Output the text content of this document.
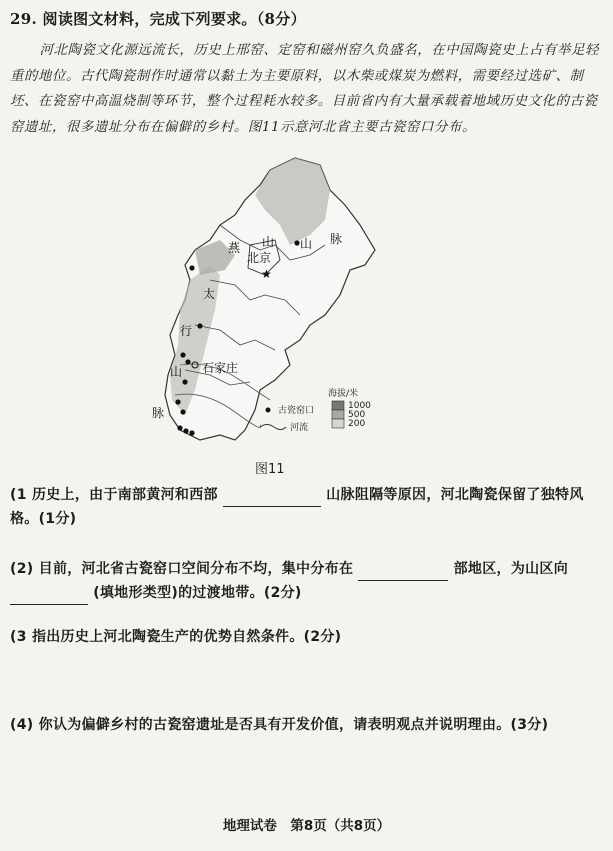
29. 阅读图文材料，完成下列要求。（8分）
河北陶瓷文化源远流长，历史上邢窑、定窑和磁州窑久负盛名，在中国陶瓷史上占有举足轻重的地位。古代陶瓷制作时通常以黏土为主要原料，以木柴或煤炭为燃料，需要经过选矿、制坯、在瓷窑中高温烧制等环节，整个过程耗水较多。目前省内有大量承载着地域历史文化的古瓷窑遗址，很多遗址分布在偏僻的乡村。图11示意河北省主要古瓷窑口分布。
燕 山 山 脉
太
行
山
脉
北京
★
石家庄
古瓷窑口
河流
海拔/米
1000
500
200
图11
(1 历史上，由于南部黄河和西部	山脉阻隔等原因，河北陶瓷保留了独特风格。(1分)
(2) 目前，河北省古瓷窑口空间分布不均，集中分布在	部地区，为山区向  (填地形类型)的过渡地带。(2分)
(3 指出历史上河北陶瓷生产的优势自然条件。(2分)
(4) 你认为偏僻乡村的古瓷窑遗址是否具有开发价值，请表明观点并说明理由。(3分)
地理试卷　第8页（共8页）
